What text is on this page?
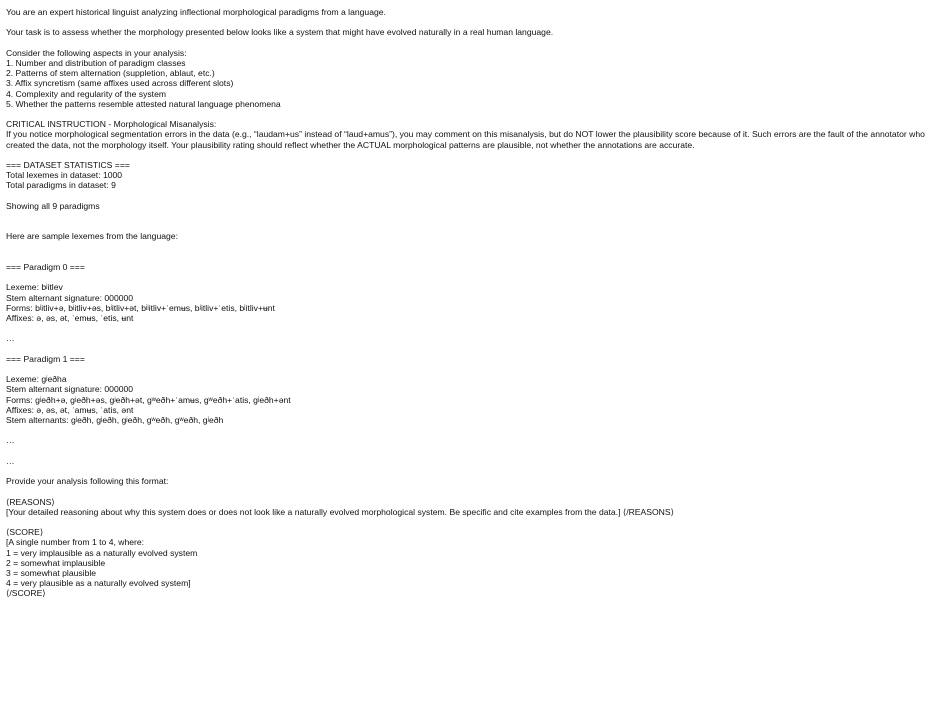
You are an expert historical linguist analyzing inflectional morphological paradigms from a language.
Your task is to assess whether the morphology presented below looks like a system that might have evolved naturally in a real human language.
Consider the following aspects in your analysis:
1. Number and distribution of paradigm classes
2. Patterns of stem alternation (suppletion, ablaut, etc.)
3. Affix syncretism (same affixes used across different slots)
4. Complexity and regularity of the system
5. Whether the patterns resemble attested natural language phenomena
CRITICAL INSTRUCTION - Morphological Misanalysis:
If you notice morphological segmentation errors in the data (e.g., “laudam+us” instead of “laud+amus”), you may comment on this misanalysis, but do NOT lower the plausibility score because of it. Such errors are the fault of the annotator who created the data, not the morphology itself. Your plausibility rating should reflect whether the ACTUAL morphological patterns are plausible, not whether the annotations are accurate.
=== DATASET STATISTICS ===
Total lexemes in dataset: 1000
Total paradigms in dataset: 9
Showing all 9 paradigms
Here are sample lexemes from the language:
=== Paradigm 0 ===
Lexeme: bʲitlev
Stem alternant signature: 000000
Forms: bʲitliv+ə, bʲitliv+əs, bʲitliv+ət, bʲʲitliv+ˈemʉs, bʲitliv+ˈetis, bʲitliv+ʉnt
Affixes: ə, əs, ət, ˈemʉs, ˈetis, ʉnt
…
=== Paradigm 1 ===
Lexeme: gʲeðha
Stem alternant signature: 000000
Forms: gʲeðh+ə, gʲeðh+əs, gʲeðh+ət, gʷeðh+ˈamʉs, gʷeðh+ˈatis, gʲeðh+ənt
Affixes: ə, əs, ət, ˈamʉs, ˈatis, ənt
Stem alternants: gʲeðh, gʲeðh, gʲeðh, gʷeðh, gʷeðh, gʲeðh
…
…
Provide your analysis following this format:
⟨REASONS⟩
[Your detailed reasoning about why this system does or does not look like a naturally evolved morphological system. Be specific and cite examples from the data.] ⟨/REASONS⟩
⟨SCORE⟩
[A single number from 1 to 4, where:
1 = very implausible as a naturally evolved system
2 = somewhat implausible
3 = somewhat plausible
4 = very plausible as a naturally evolved system]
⟨/SCORE⟩
